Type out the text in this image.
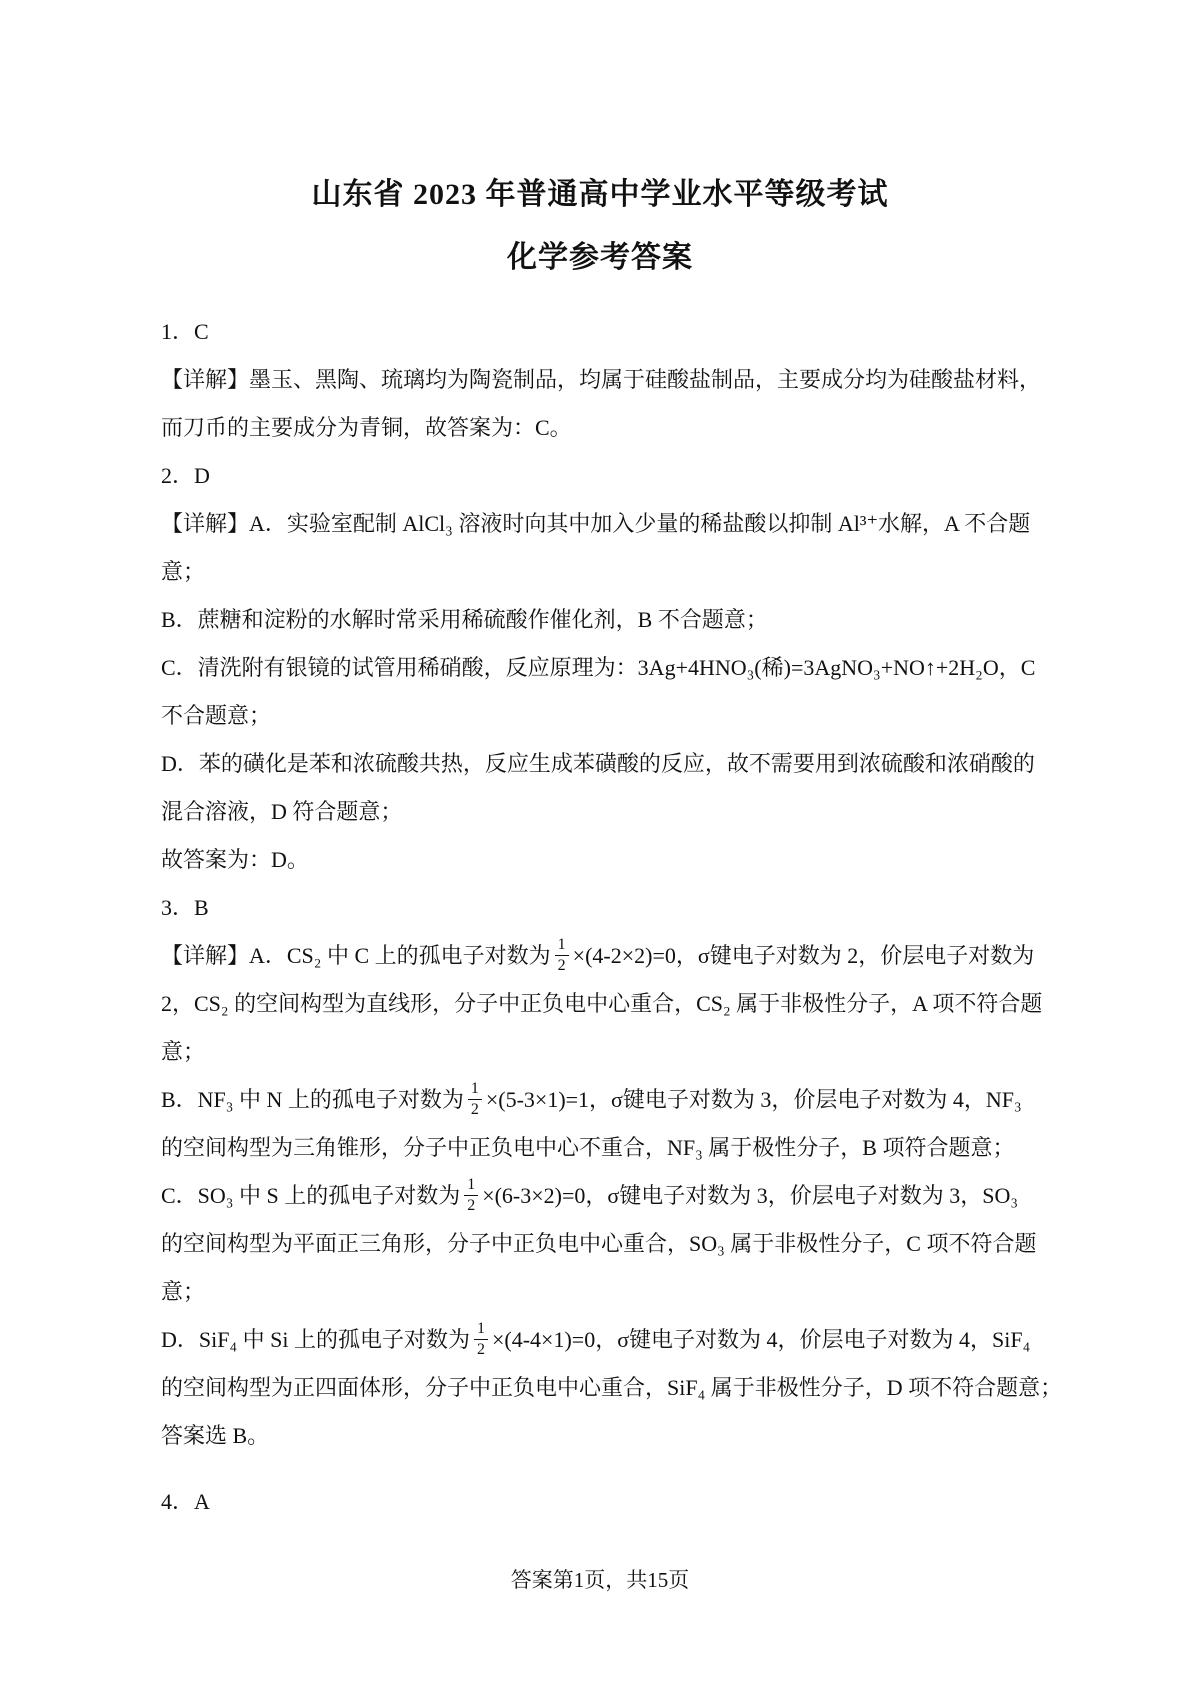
山东省 2023 年普通高中学业水平等级考试
化学参考答案
1．C
【详解】墨玉、黑陶、琉璃均为陶瓷制品，均属于硅酸盐制品，主要成分均为硅酸盐材料，
而刀币的主要成分为青铜，故答案为：C。
2．D
【详解】A．实验室配制 AlCl₃ 溶液时向其中加入少量的稀盐酸以抑制 Al³⁺水解，A 不合题
意；
B．蔗糖和淀粉的水解时常采用稀硫酸作催化剂，B 不合题意；
C．清洗附有银镜的试管用稀硝酸，反应原理为：3Ag+4HNO₃(稀)=3AgNO₃+NO↑+2H₂O，C
不合题意；
D．苯的磺化是苯和浓硫酸共热，反应生成苯磺酸的反应，故不需要用到浓硫酸和浓硝酸的
混合溶液，D 符合题意；
故答案为：D。
3．B
【详解】A．CS₂ 中 C 上的孤电子对数为 $\frac{1}{2} \times(4-2\times 2)=0$，σ键电子对数为 2，价层电子对数为
2，CS₂ 的空间构型为直线形，分子中正负电中心重合，CS₂ 属于非极性分子，A 项不符合题
意；
B．NF₃ 中 N 上的孤电子对数为 $\frac{1}{2} \times(5-3\times 1)=1$，σ键电子对数为 3，价层电子对数为 4，NF₃
的空间构型为三角锥形，分子中正负电中心不重合，NF₃ 属于极性分子，B 项符合题意；
C．SO₃ 中 S 上的孤电子对数为 $\frac{1}{2} \times(6-3\times 2)=0$，σ键电子对数为 3，价层电子对数为 3，SO₃
的空间构型为平面正三角形，分子中正负电中心重合，SO₃ 属于非极性分子，C 项不符合题
意；
D．SiF₄ 中 Si 上的孤电子对数为 $\frac{1}{2} \times(4-4\times 1)=0$，σ键电子对数为 4，价层电子对数为 4，SiF₄
的空间构型为正四面体形，分子中正负电中心重合，SiF₄ 属于非极性分子，D 项不符合题意；
答案选 B。
4．A
答案第1页，共15页
